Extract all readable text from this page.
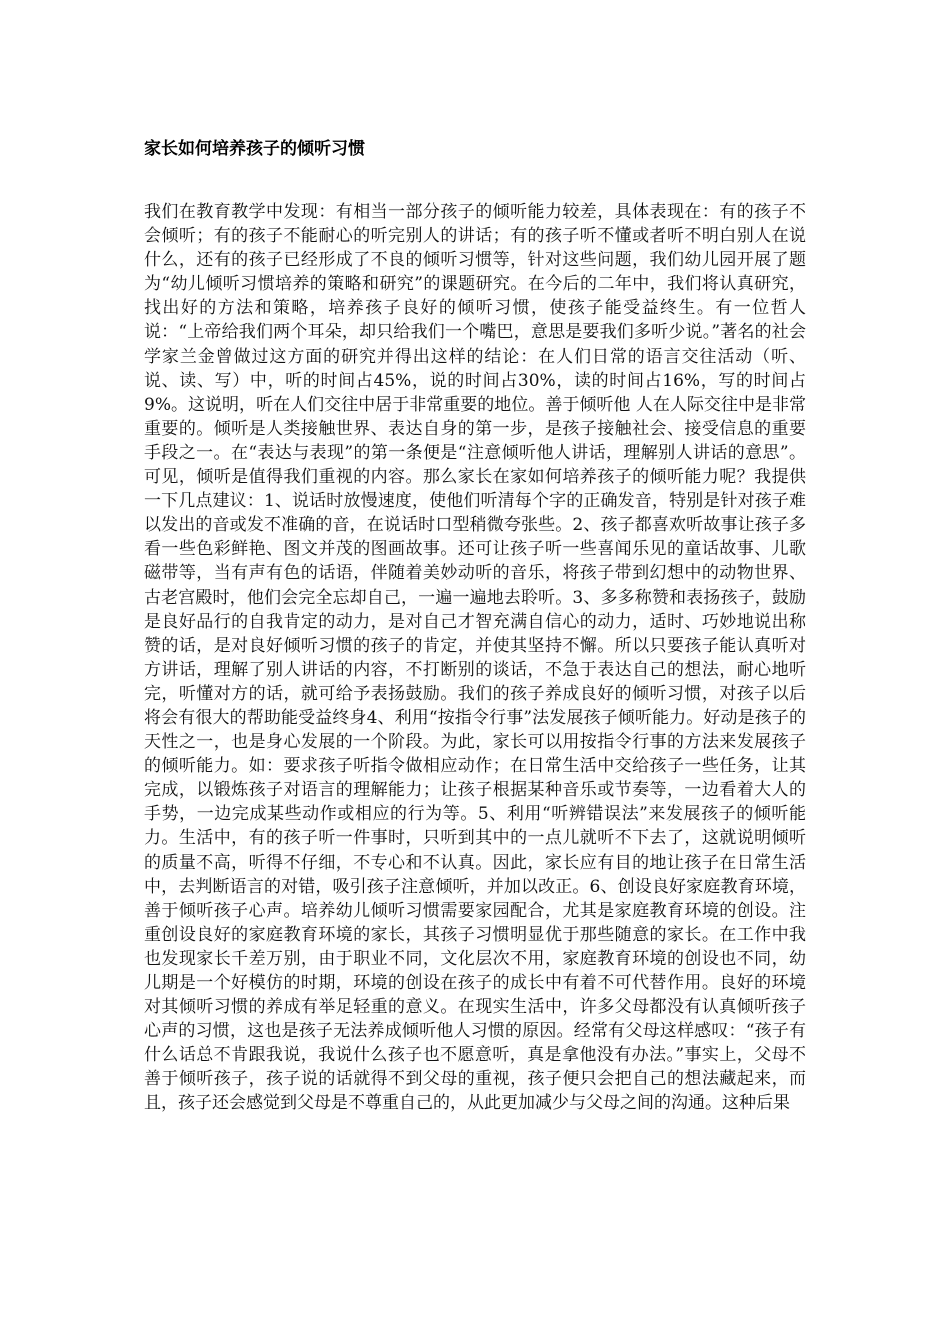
家长如何培养孩子的倾听习惯

我们在教育教学中发现：有相当一部分孩子的倾听能力较差，具体表现在：有的孩子不会倾听；有的孩子不能耐心的听完别人的讲话；有的孩子听不懂或者听不明白别人在说什么，还有的孩子已经形成了不良的倾听习惯等，针对这些问题，我们幼儿园开展了题为“幼儿倾听习惯培养的策略和研究”的课题研究。在今后的二年中，我们将认真研究，找出好的方法和策略，培养孩子良好的倾听习惯，使孩子能受益终生。有一位哲人说：“上帝给我们两个耳朵，却只给我们一个嘴巴，意思是要我们多听少说。”著名的社会学家兰金曾做过这方面的研究并得出这样的结论：在人们日常的语言交往活动（听、说、读、写）中，听的时间占45%，说的时间占30%，读的时间占16%，写的时间占9%。这说明，听在人们交往中居于非常重要的地位。善于倾听他 人在人际交往中是非常重要的。倾听是人类接触世界、表达自身的第一步，是孩子接触社会、接受信息的重要手段之一。在“表达与表现”的第一条便是“注意倾听他人讲话，理解别人讲话的意思”。可见，倾听是值得我们重视的内容。那么家长在家如何培养孩子的倾听能力呢？我提供一下几点建议：1、说话时放慢速度，使他们听清每个字的正确发音，特别是针对孩子难以发出的音或发不准确的音，在说话时口型稍微夸张些。2、孩子都喜欢听故事让孩子多看一些色彩鲜艳、图文并茂的图画故事。还可让孩子听一些喜闻乐见的童话故事、儿歌磁带等，当有声有色的话语，伴随着美妙动听的音乐，将孩子带到幻想中的动物世界、古老宫殿时，他们会完全忘却自己，一遍一遍地去聆听。3、多多称赞和表扬孩子，鼓励是良好品行的自我肯定的动力，是对自己才智充满自信心的动力，适时、巧妙地说出称赞的话，是对良好倾听习惯的孩子的肯定，并使其坚持不懈。所以只要孩子能认真听对方讲话，理解了别人讲话的内容，不打断别的谈话，不急于表达自己的想法，耐心地听完，听懂对方的话，就可给予表扬鼓励。我们的孩子养成良好的倾听习惯，对孩子以后将会有很大的帮助能受益终身4、利用“按指令行事”法发展孩子倾听能力。好动是孩子的天性之一，也是身心发展的一个阶段。为此，家长可以用按指令行事的方法来发展孩子的倾听能力。如：要求孩子听指令做相应动作；在日常生活中交给孩子一些任务，让其完成，以锻炼孩子对语言的理解能力；让孩子根据某种音乐或节奏等，一边看着大人的手势，一边完成某些动作或相应的行为等。5、利用“听辨错误法”来发展孩子的倾听能力。生活中，有的孩子听一件事时，只听到其中的一点儿就听不下去了，这就说明倾听的质量不高，听得不仔细，不专心和不认真。因此，家长应有目的地让孩子在日常生活中，去判断语言的对错，吸引孩子注意倾听，并加以改正。6、创设良好家庭教育环境，善于倾听孩子心声。培养幼儿倾听习惯需要家园配合，尤其是家庭教育环境的创设。注重创设良好的家庭教育环境的家长，其孩子习惯明显优于那些随意的家长。在工作中我也发现家长千差万别，由于职业不同，文化层次不用，家庭教育环境的创设也不同，幼儿期是一个好模仿的时期，环境的创设在孩子的成长中有着不可代替作用。良好的环境对其倾听习惯的养成有举足轻重的意义。在现实生活中，许多父母都没有认真倾听孩子心声的习惯，这也是孩子无法养成倾听他人习惯的原因。经常有父母这样感叹：“孩子有什么话总不肯跟我说，我说什么孩子也不愿意听，真是拿他没有办法。”事实上，父母不善于倾听孩子，孩子说的话就得不到父母的重视，孩子便只会把自己的想法藏起来，而且，孩子还会感觉到父母是不尊重自己的，从此更加减少与父母之间的沟通。这种后果
